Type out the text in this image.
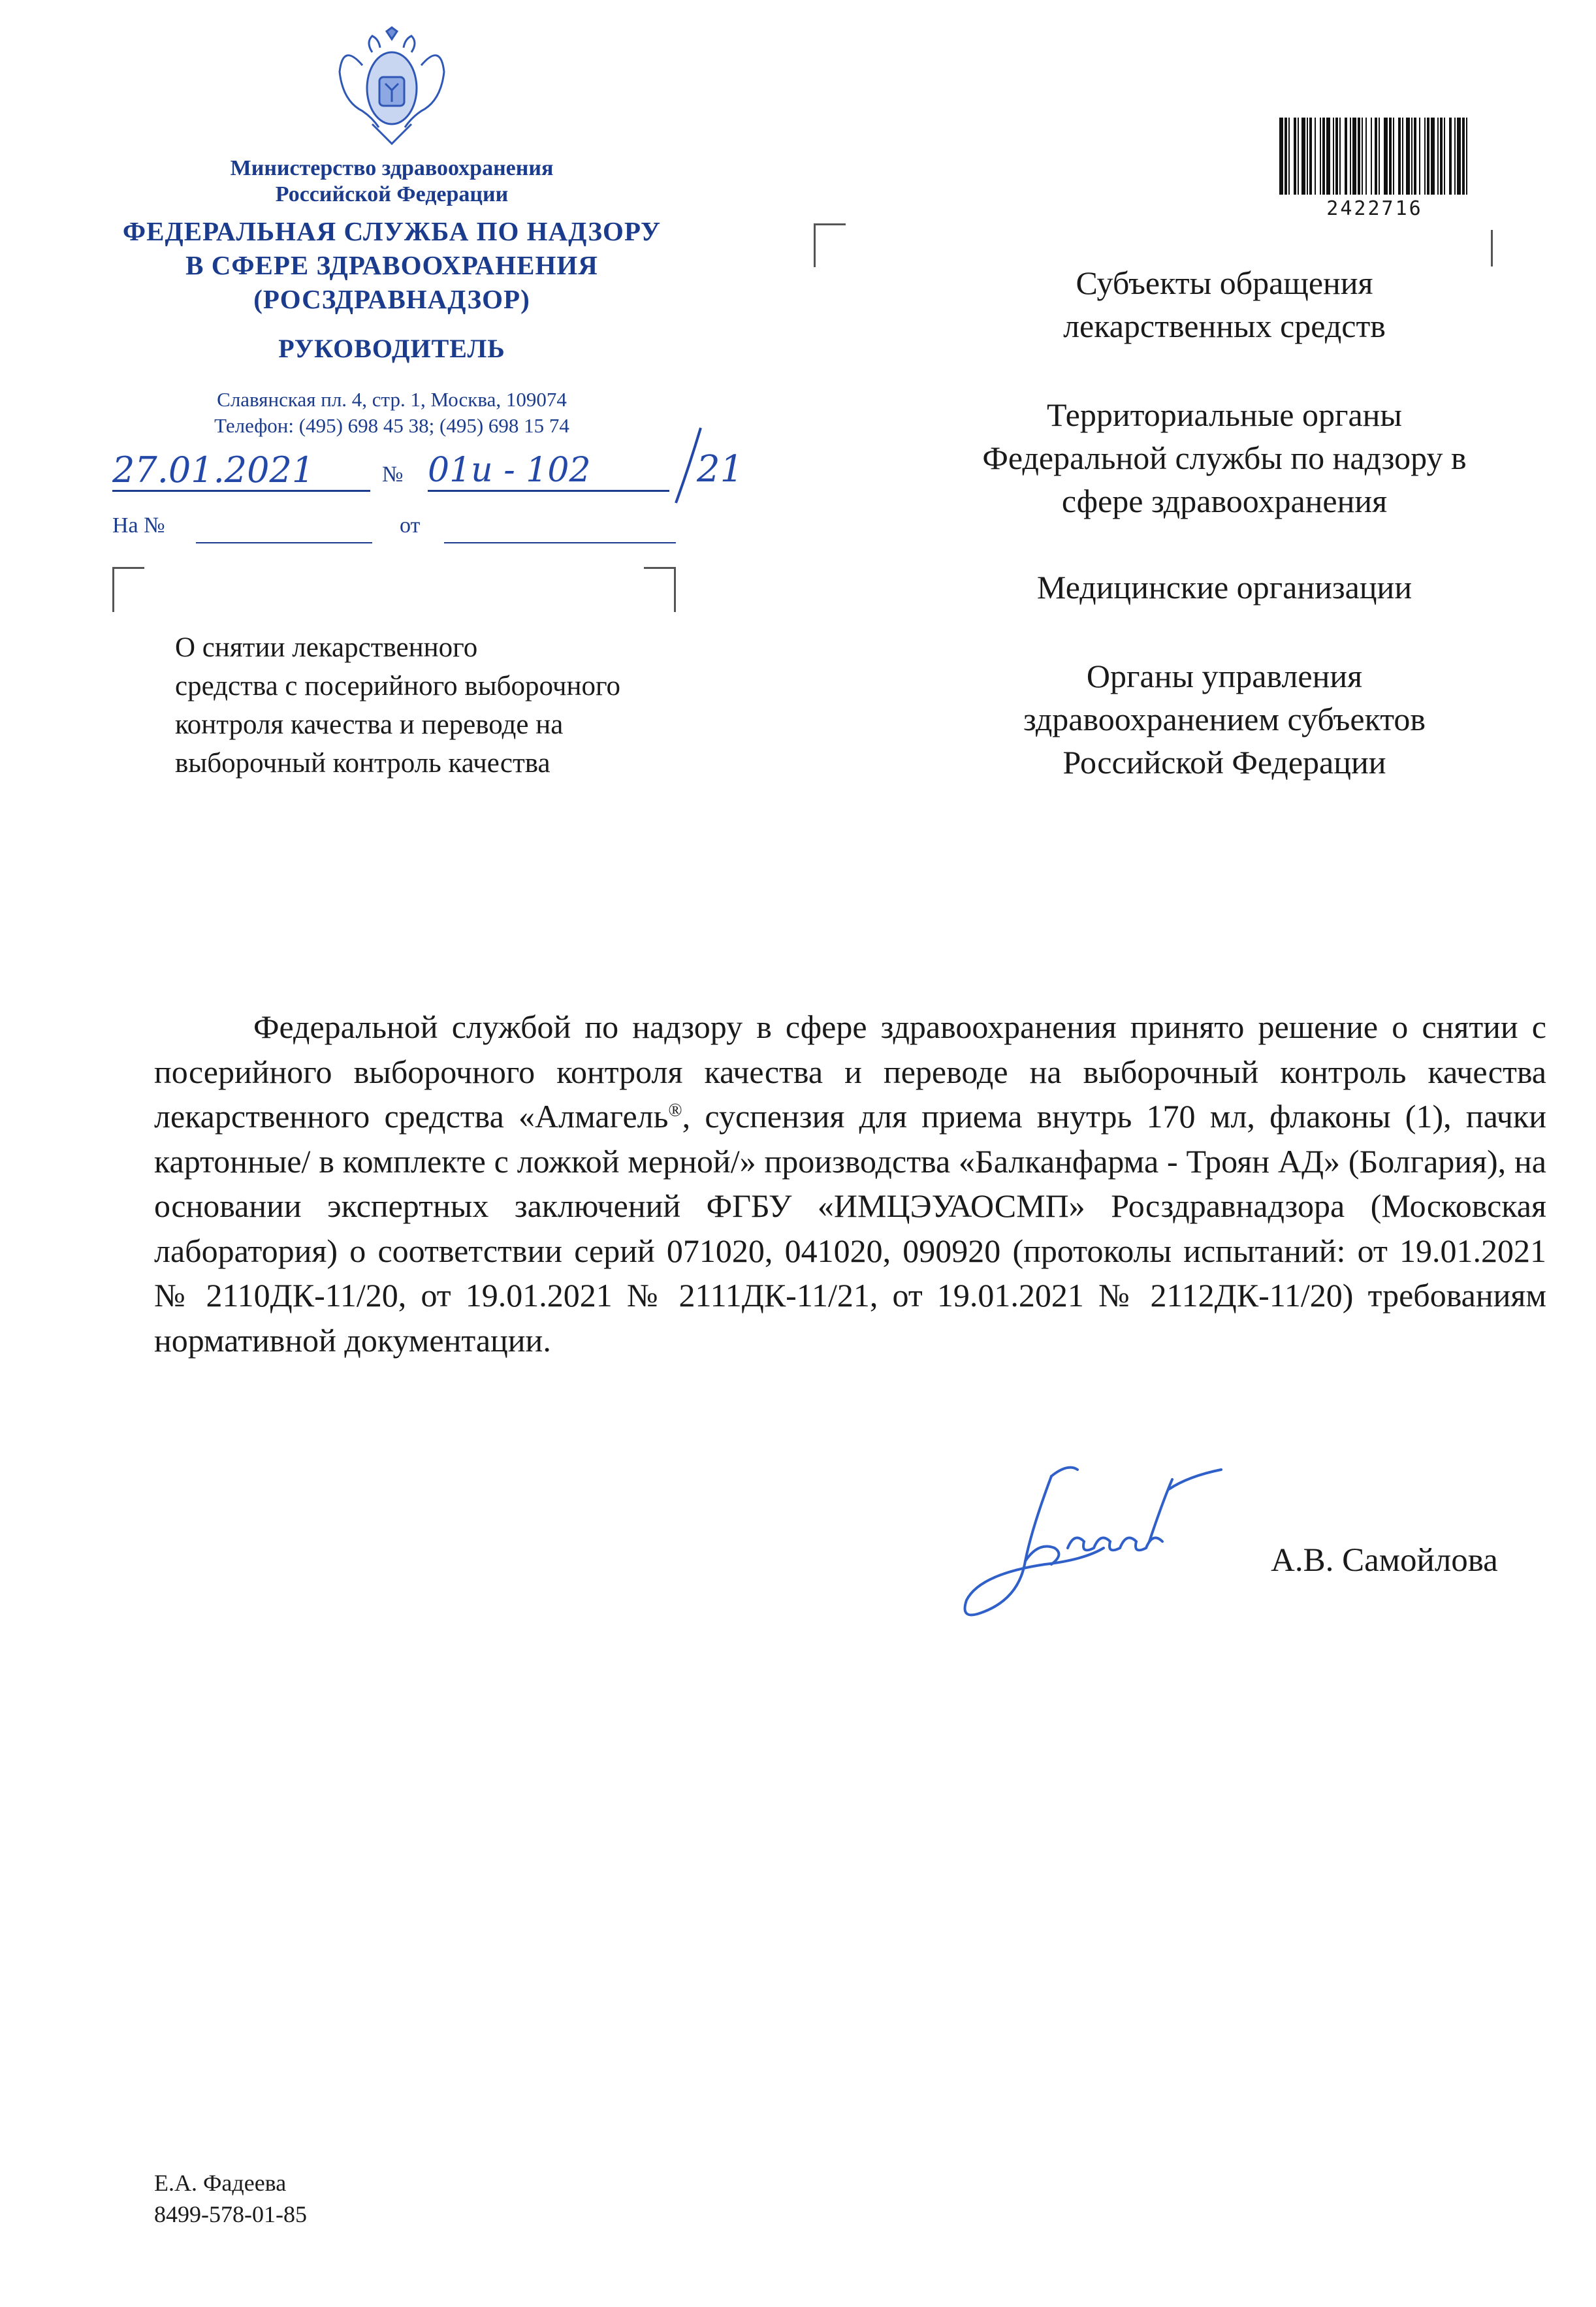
Министерство здравоохранения
Российской Федерации
ФЕДЕРАЛЬНАЯ СЛУЖБА ПО НАДЗОРУ
В СФЕРЕ ЗДРАВООХРАНЕНИЯ
(РОСЗДРАВНАДЗОР)
РУКОВОДИТЕЛЬ
Славянская пл. 4, стр. 1, Москва, 109074
Телефон: (495) 698 45 38; (495) 698 15 74
27.01.2021	№ 01и - 102	21
На №	от
О снятии лекарственного
средства с посерийного выборочного
контроля качества и переводе на
выборочный контроль качества
2422716
Субъекты обращения
лекарственных средств
Территориальные органы
Федеральной службы по надзору в
сфере здравоохранения
Медицинские организации
Органы управления
здравоохранением субъектов
Российской Федерации
Федеральной службой по надзору в сфере здравоохранения принято решение о снятии с посерийного выборочного контроля качества и переводе на выборочный контроль качества лекарственного средства «Алмагель®, суспензия для приема внутрь 170 мл, флаконы (1), пачки картонные/ в комплекте с ложкой мерной/» производства «Балканфарма - Троян АД» (Болгария), на основании экспертных заключений ФГБУ «ИМЦЭУАОСМП» Росздравнадзора (Московская лаборатория) о соответствии серий 071020, 041020, 090920 (протоколы испытаний: от 19.01.2021 № 2110ДК-11/20, от 19.01.2021 № 2111ДК-11/21, от 19.01.2021 № 2112ДК-11/20) требованиям нормативной документации.
А.В. Самойлова
Е.А. Фадеева
8499-578-01-85
